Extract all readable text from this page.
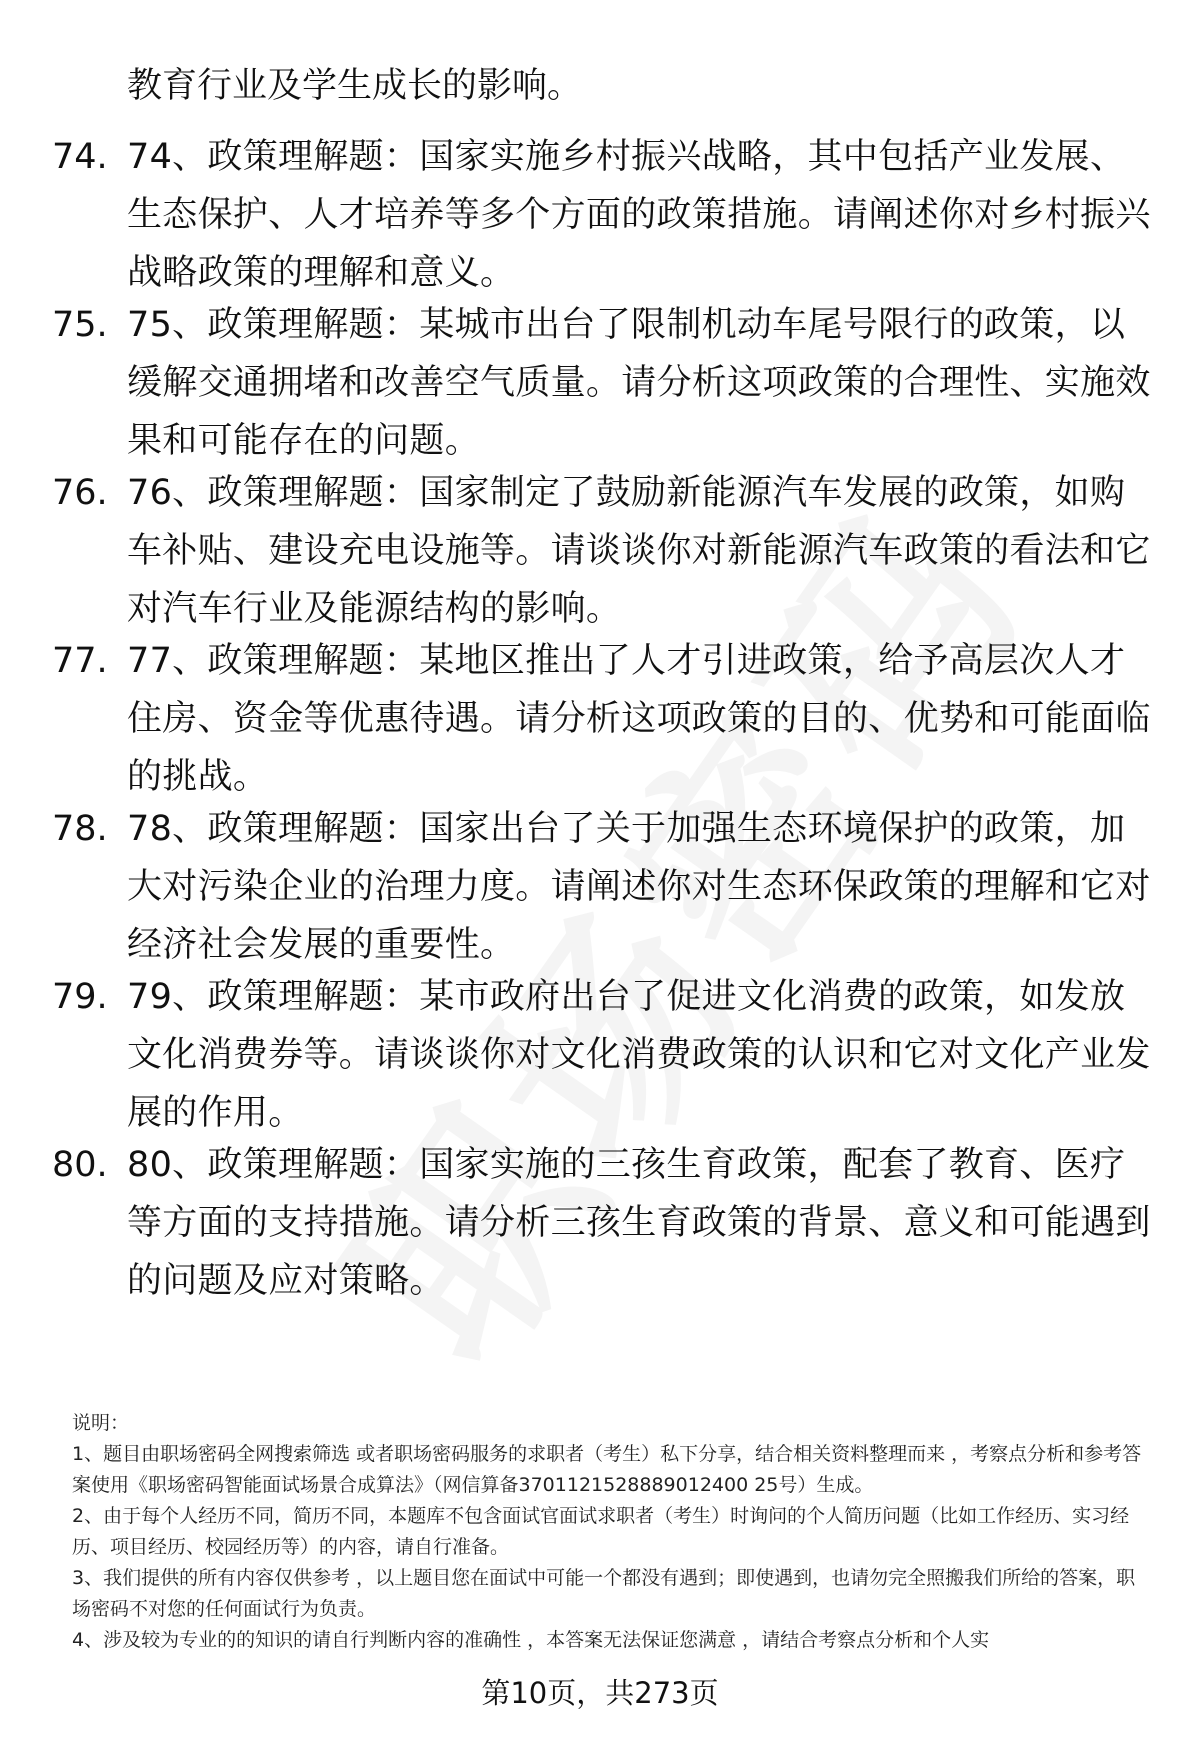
教育行业及学生成长的影响。
74. 74、政策理解题：国家实施乡村振兴战略，其中包括产业发展、生态保护、人才培养等多个方面的政策措施。请阐述你对乡村振兴战略政策的理解和意义。
75. 75、政策理解题：某城市出台了限制机动车尾号限行的政策，以缓解交通拥堵和改善空气质量。请分析这项政策的合理性、实施效果和可能存在的问题。
76. 76、政策理解题：国家制定了鼓励新能源汽车发展的政策，如购车补贴、建设充电设施等。请谈谈你对新能源汽车政策的看法和它对汽车行业及能源结构的影响。
77. 77、政策理解题：某地区推出了人才引进政策，给予高层次人才住房、资金等优惠待遇。请分析这项政策的目的、优势和可能面临的挑战。
78. 78、政策理解题：国家出台了关于加强生态环境保护的政策，加大对污染企业的治理力度。请阐述你对生态环保政策的理解和它对经济社会发展的重要性。
79. 79、政策理解题：某市政府出台了促进文化消费的政策，如发放文化消费券等。请谈谈你对文化消费政策的认识和它对文化产业发展的作用。
80. 80、政策理解题：国家实施的三孩生育政策，配套了教育、医疗等方面的支持措施。请分析三孩生育政策的背景、意义和可能遇到的问题及应对策略。

说明：

1、题目由职场密码全网搜索筛选 或者职场密码服务的求职者（考生）私下分享，结合相关资料整理而来 ，考察点分析和参考答案使用《职场密码智能面试场景合成算法》（网信算备3701121528889012400 25号）生成。

2、由于每个人经历不同，简历不同，本题库不包含面试官面试求职者（考生）时询问的个人简历问题（比如工作经历、实习经历、项目经历、校园经历等）的内容，请自行准备。

3、我们提供的所有内容仅供参考 ，以上题目您在面试中可能一个都没有遇到；即使遇到，也请勿完全照搬我们所给的答案，职场密码不对您的任何面试行为负责。

4、涉及较为专业的的知识的请自行判断内容的准确性 ，本答案无法保证您满意 ，请结合考察点分析和个人实

第10页，共273页
